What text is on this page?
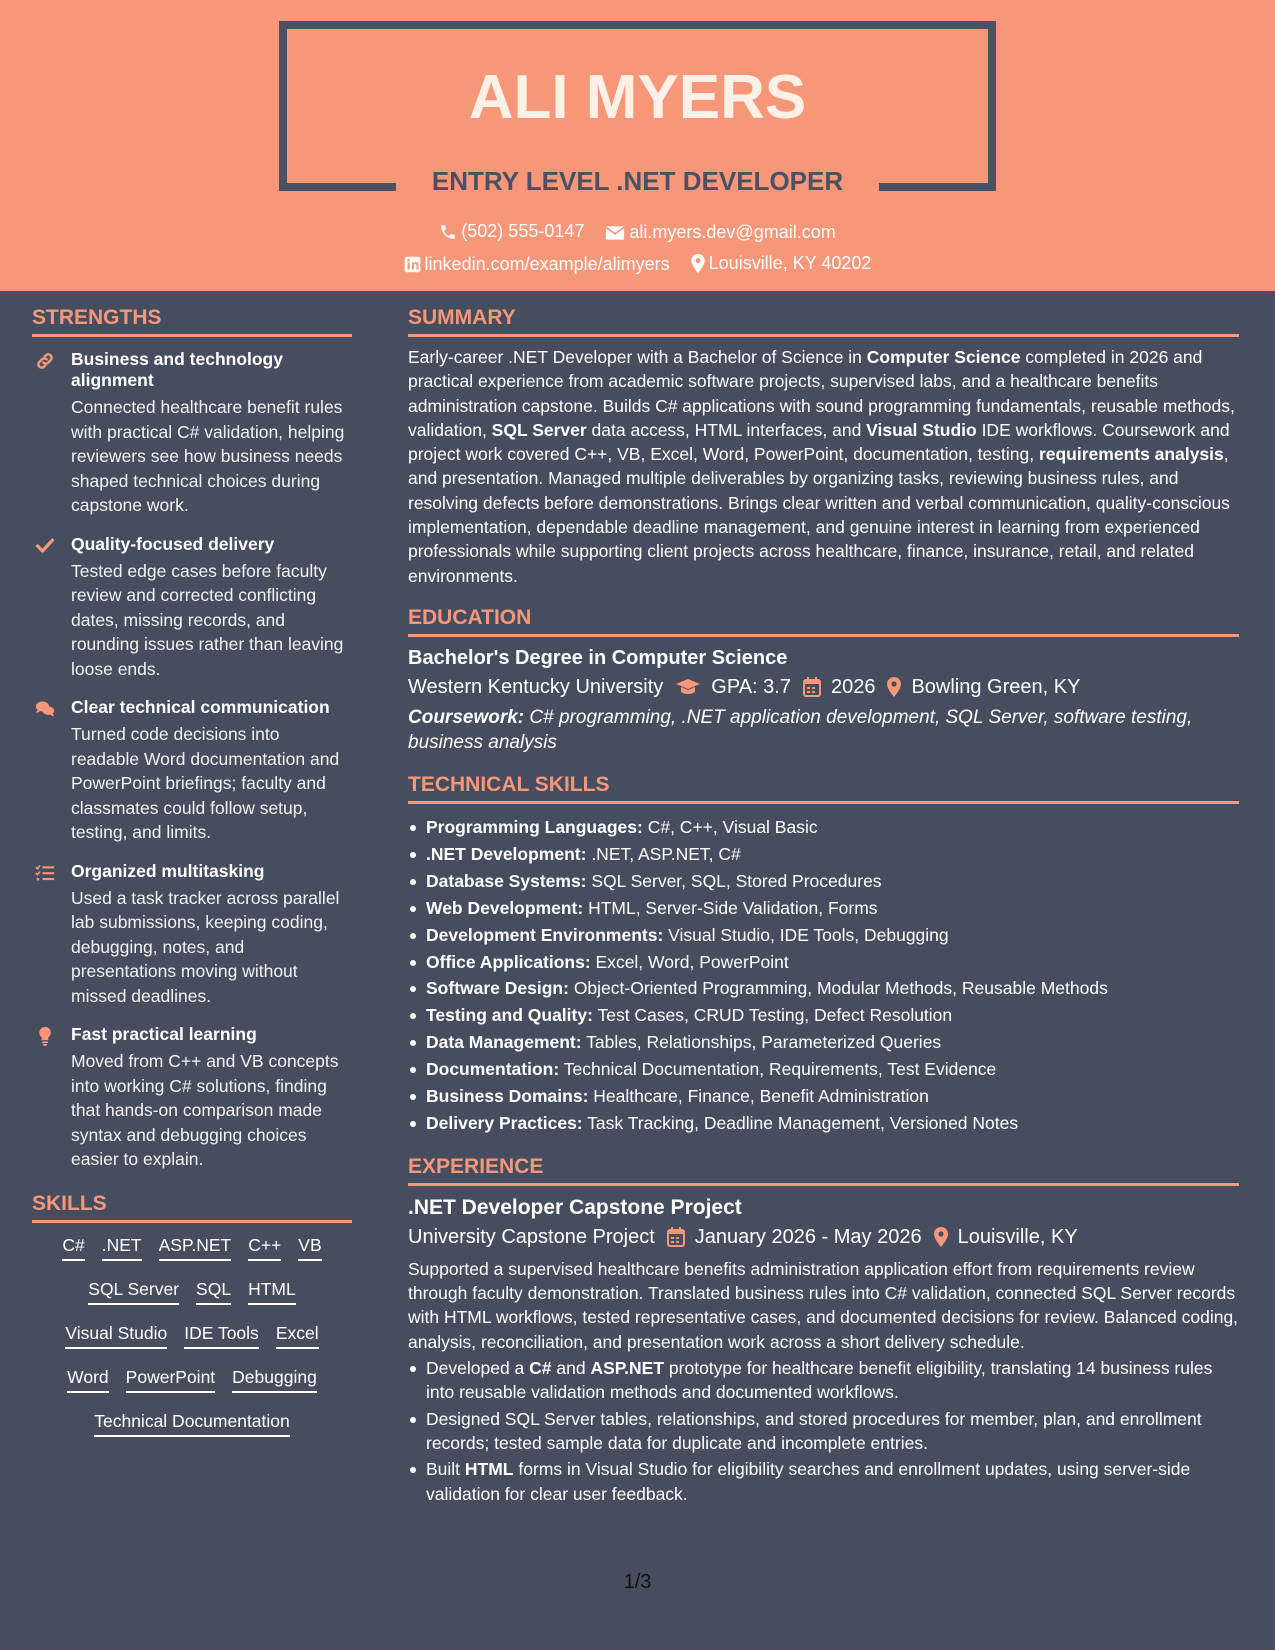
ALI MYERS
ENTRY LEVEL .NET DEVELOPER
(502) 555-0147
	ali.myers.dev@gmail.com
linkedin.com/example/alimyers
Louisville, KY 40202
STRENGTHS
Business and technology alignment
Connected healthcare benefit rules with practical C# validation, helping reviewers see how business needs shaped technical choices during capstone work.
Quality-focused delivery
Tested edge cases before faculty review and corrected conflicting dates, missing records, and rounding issues rather than leaving loose ends.
Clear technical communication
Turned code decisions into readable Word documentation and PowerPoint briefings; faculty and classmates could follow setup, testing, and limits.
Organized multitasking
Used a task tracker across parallel lab submissions, keeping coding, debugging, notes, and presentations moving without missed deadlines.
Fast practical learning
Moved from C++ and VB concepts into working C# solutions, finding that hands-on comparison made syntax and debugging choices easier to explain.
SKILLS
C# .NET ASP.NET C++ VB
SQL Server SQL HTML
Visual Studio IDE Tools Excel
Word PowerPoint Debugging
Technical Documentation
SUMMARY
Early-career .NET Developer with a Bachelor of Science in Computer Science completed in 2026 and practical experience from academic software projects, supervised labs, and a healthcare benefits administration capstone. Builds C# applications with sound programming fundamentals, reusable methods, validation, SQL Server data access, HTML interfaces, and Visual Studio IDE workflows. Coursework and project work covered C++, VB, Excel, Word, PowerPoint, documentation, testing, requirements analysis, and presentation. Managed multiple deliverables by organizing tasks, reviewing business rules, and resolving defects before demonstrations. Brings clear written and verbal communication, quality-conscious implementation, dependable deadline management, and genuine interest in learning from experienced professionals while supporting client projects across healthcare, finance, insurance, retail, and related environments.
EDUCATION
Bachelor's Degree in Computer Science
Western Kentucky University GPA: 3.7 2026 Bowling Green, KY
Coursework: C# programming, .NET application development, SQL Server, software testing, business analysis
TECHNICAL SKILLS
Programming Languages: C#, C++, Visual Basic
.NET Development: .NET, ASP.NET, C#
Database Systems: SQL Server, SQL, Stored Procedures
Web Development: HTML, Server-Side Validation, Forms
Development Environments: Visual Studio, IDE Tools, Debugging
Office Applications: Excel, Word, PowerPoint
Software Design: Object-Oriented Programming, Modular Methods, Reusable Methods
Testing and Quality: Test Cases, CRUD Testing, Defect Resolution
Data Management: Tables, Relationships, Parameterized Queries
Documentation: Technical Documentation, Requirements, Test Evidence
Business Domains: Healthcare, Finance, Benefit Administration
Delivery Practices: Task Tracking, Deadline Management, Versioned Notes
EXPERIENCE
.NET Developer Capstone Project
University Capstone Project January 2026 - May 2026 Louisville, KY
Supported a supervised healthcare benefits administration application effort from requirements review through faculty demonstration. Translated business rules into C# validation, connected SQL Server records with HTML workflows, tested representative cases, and documented decisions for review. Balanced coding, analysis, reconciliation, and presentation work across a short delivery schedule.
Developed a C# and ASP.NET prototype for healthcare benefit eligibility, translating 14 business rules into reusable validation methods and documented workflows.
Designed SQL Server tables, relationships, and stored procedures for member, plan, and enrollment records; tested sample data for duplicate and incomplete entries.
Built HTML forms in Visual Studio for eligibility searches and enrollment updates, using server-side validation for clear user feedback.
1/3
